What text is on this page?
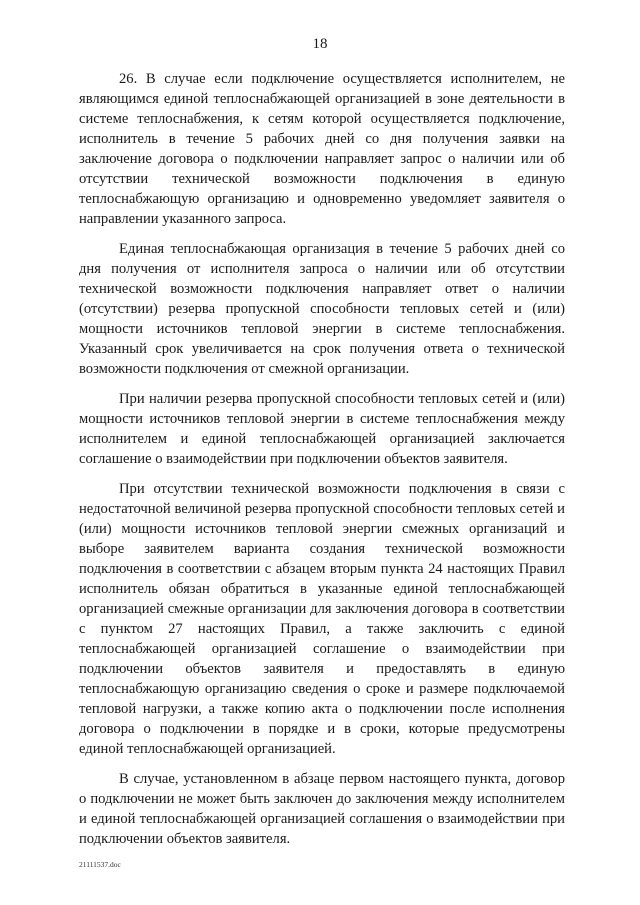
18

26. В случае если подключение осуществляется исполнителем, не являющимся единой теплоснабжающей организацией в зоне деятельности в системе теплоснабжения, к сетям которой осуществляется подключение, исполнитель в течение 5 рабочих дней со дня получения заявки на заключение договора о подключении направляет запрос о наличии или об отсутствии технической возможности подключения в единую теплоснабжающую организацию и одновременно уведомляет заявителя о направлении указанного запроса.

Единая теплоснабжающая организация в течение 5 рабочих дней со дня получения от исполнителя запроса о наличии или об отсутствии технической возможности подключения направляет ответ о наличии (отсутствии) резерва пропускной способности тепловых сетей и (или) мощности источников тепловой энергии в системе теплоснабжения. Указанный срок увеличивается на срок получения ответа о технической возможности подключения от смежной организации.

При наличии резерва пропускной способности тепловых сетей и (или) мощности источников тепловой энергии в системе теплоснабжения между исполнителем и единой теплоснабжающей организацией заключается соглашение о взаимодействии при подключении объектов заявителя.

При отсутствии технической возможности подключения в связи с недостаточной величиной резерва пропускной способности тепловых сетей и (или) мощности источников тепловой энергии смежных организаций и выборе заявителем варианта создания технической возможности подключения в соответствии с абзацем вторым пункта 24 настоящих Правил исполнитель обязан обратиться в указанные единой теплоснабжающей организацией смежные организации для заключения договора в соответствии с пунктом 27 настоящих Правил, а также заключить с единой теплоснабжающей организацией соглашение о взаимодействии при подключении объектов заявителя и предоставлять в единую теплоснабжающую организацию сведения о сроке и размере подключаемой тепловой нагрузки, а также копию акта о подключении после исполнения договора о подключении в порядке и в сроки, которые предусмотрены единой теплоснабжающей организацией.

В случае, установленном в абзаце первом настоящего пункта, договор о подключении не может быть заключен до заключения между исполнителем и единой теплоснабжающей организацией соглашения о взаимодействии при подключении объектов заявителя.

21111537.doc
